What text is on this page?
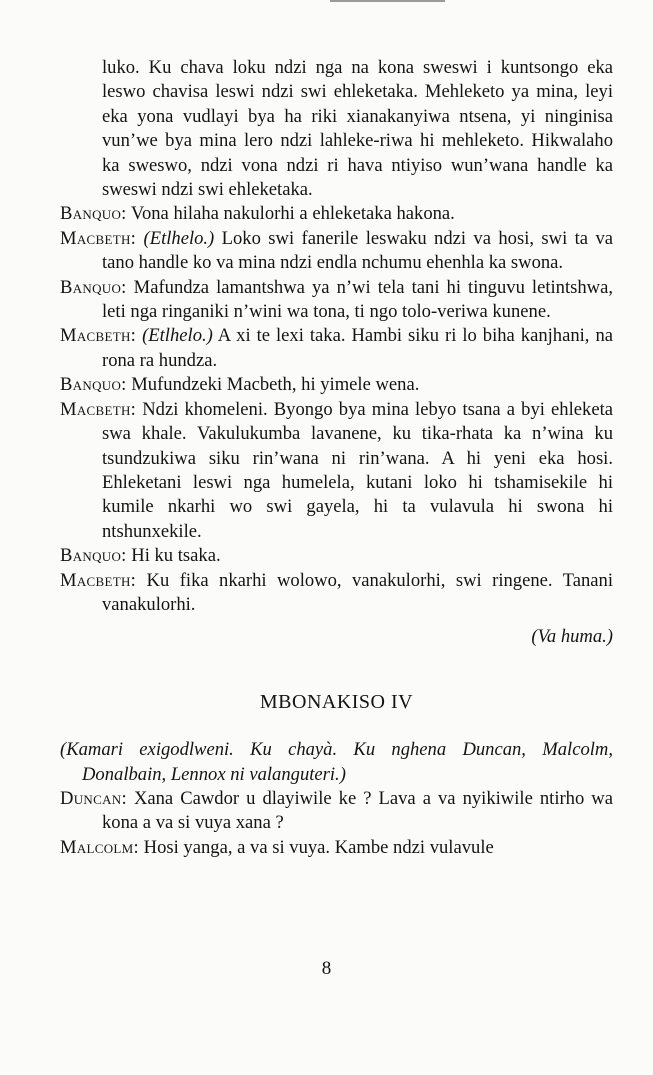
luko. Ku chava loku ndzi nga na kona sweswi i kuntsongo eka leswo chavisa leswi ndzi swi ehleketaka. Mehleketo ya mina, leyi eka yona vudlayi bya ha riki xianakanyiwa ntsena, yi ninginisa vun’we bya mina lero ndzi lahleke-riwa hi mehleketo. Hikwalaho ka sweswo, ndzi vona ndzi ri hava ntiyiso wun’wana handle ka sweswi ndzi swi ehleketaka.
Banquo: Vona hilaha nakulorhi a ehleketaka hakona.
Macbeth: (Etlhelo.) Loko swi fanerile leswaku ndzi va hosi, swi ta va tano handle ko va mina ndzi endla nchumu ehenhla ka swona.
Banquo: Mafundza lamantshwa ya n’wi tela tani hi tinguvu letintshwa, leti nga ringaniki n’wini wa tona, ti ngo tolo-veriwa kunene.
Macbeth: (Etlhelo.) A xi te lexi taka. Hambi siku ri lo biha kanjhani, na rona ra hundza.
Banquo: Mufundzeki Macbeth, hi yimele wena.
Macbeth: Ndzi khomeleni. Byongo bya mina lebyo tsana a byi ehleketa swa khale. Vakulukumba lavanene, ku tika-rhata ka n’wina ku tsundzukiwa siku rin’wana ni rin’wana. A hi yeni eka hosi. Ehleketani leswi nga humelela, kutani loko hi tshamisekile hi kumile nkarhi wo swi gayela, hi ta vulavula hi swona hi ntshunxekile.
Banquo: Hi ku tsaka.
Macbeth: Ku fika nkarhi wolowo, vanakulorhi, swi ringene. Tanani vanakulorhi.
(Va huma.)
MBONAKISO IV
(Kamari exigodlweni. Ku chayà. Ku nghena Duncan, Malcolm, Donalbain, Lennox ni valanguteri.)
Duncan: Xana Cawdor u dlayiwile ke ? Lava a va nyikiwile ntirho wa kona a va si vuya xana ?
Malcolm: Hosi yanga, a va si vuya. Kambe ndzi vulavule
8
